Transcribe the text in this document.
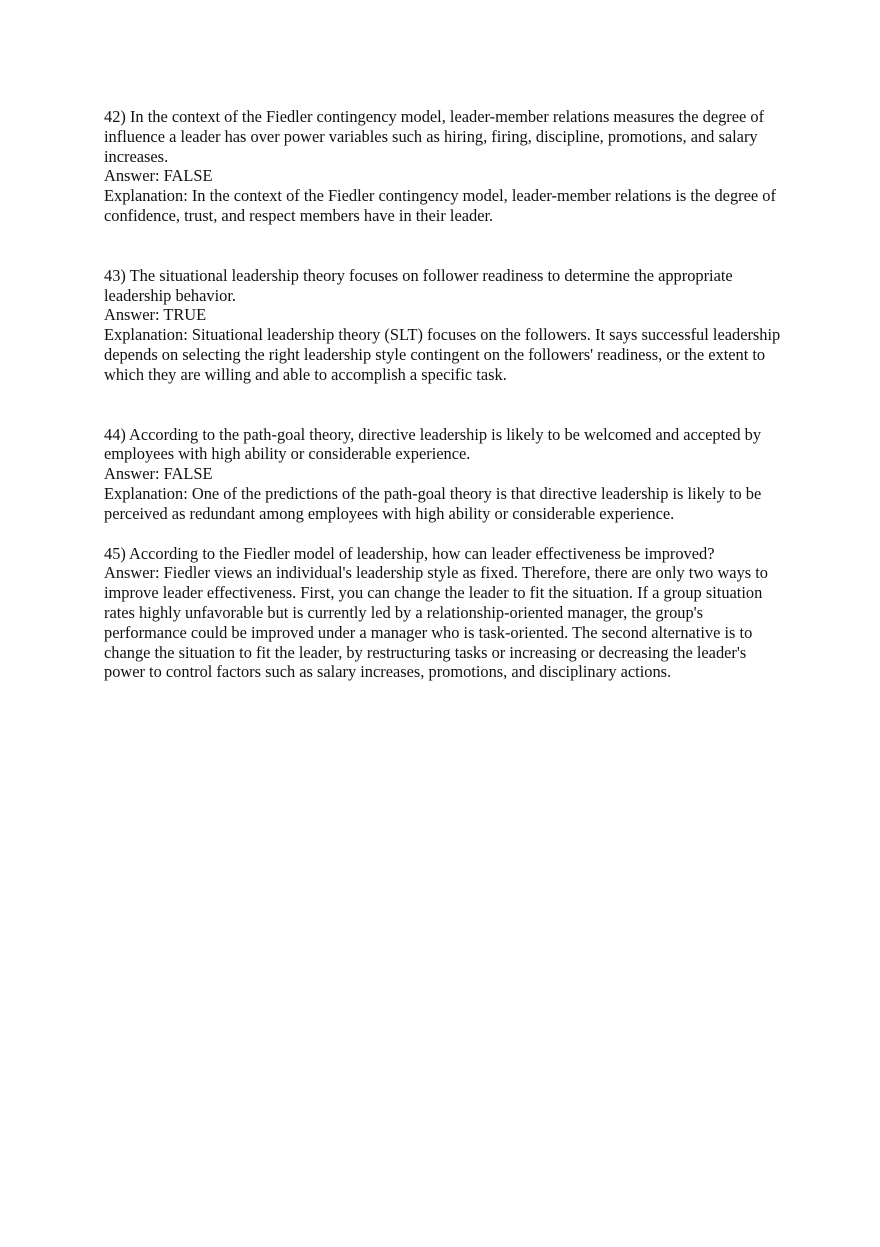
42) In the context of the Fiedler contingency model, leader-member relations measures the degree of influence a leader has over power variables such as hiring, firing, discipline, promotions, and salary increases.

Answer: FALSE

Explanation: In the context of the Fiedler contingency model, leader-member relations is the degree of confidence, trust, and respect members have in their leader.

43) The situational leadership theory focuses on follower readiness to determine the appropriate leadership behavior.

Answer: TRUE

Explanation: Situational leadership theory (SLT) focuses on the followers. It says successful leadership depends on selecting the right leadership style contingent on the followers' readiness, or the extent to which they are willing and able to accomplish a specific task.

44) According to the path-goal theory, directive leadership is likely to be welcomed and accepted by employees with high ability or considerable experience.

Answer: FALSE

Explanation: One of the predictions of the path-goal theory is that directive leadership is likely to be perceived as redundant among employees with high ability or considerable experience.

45) According to the Fiedler model of leadership, how can leader effectiveness be improved?

Answer: Fiedler views an individual's leadership style as fixed. Therefore, there are only two ways to improve leader effectiveness. First, you can change the leader to fit the situation. If a group situation rates highly unfavorable but is currently led by a relationship-oriented manager, the group's performance could be improved under a manager who is task-oriented. The second alternative is to change the situation to fit the leader, by restructuring tasks or increasing or decreasing the leader's power to control factors such as salary increases, promotions, and disciplinary actions.
